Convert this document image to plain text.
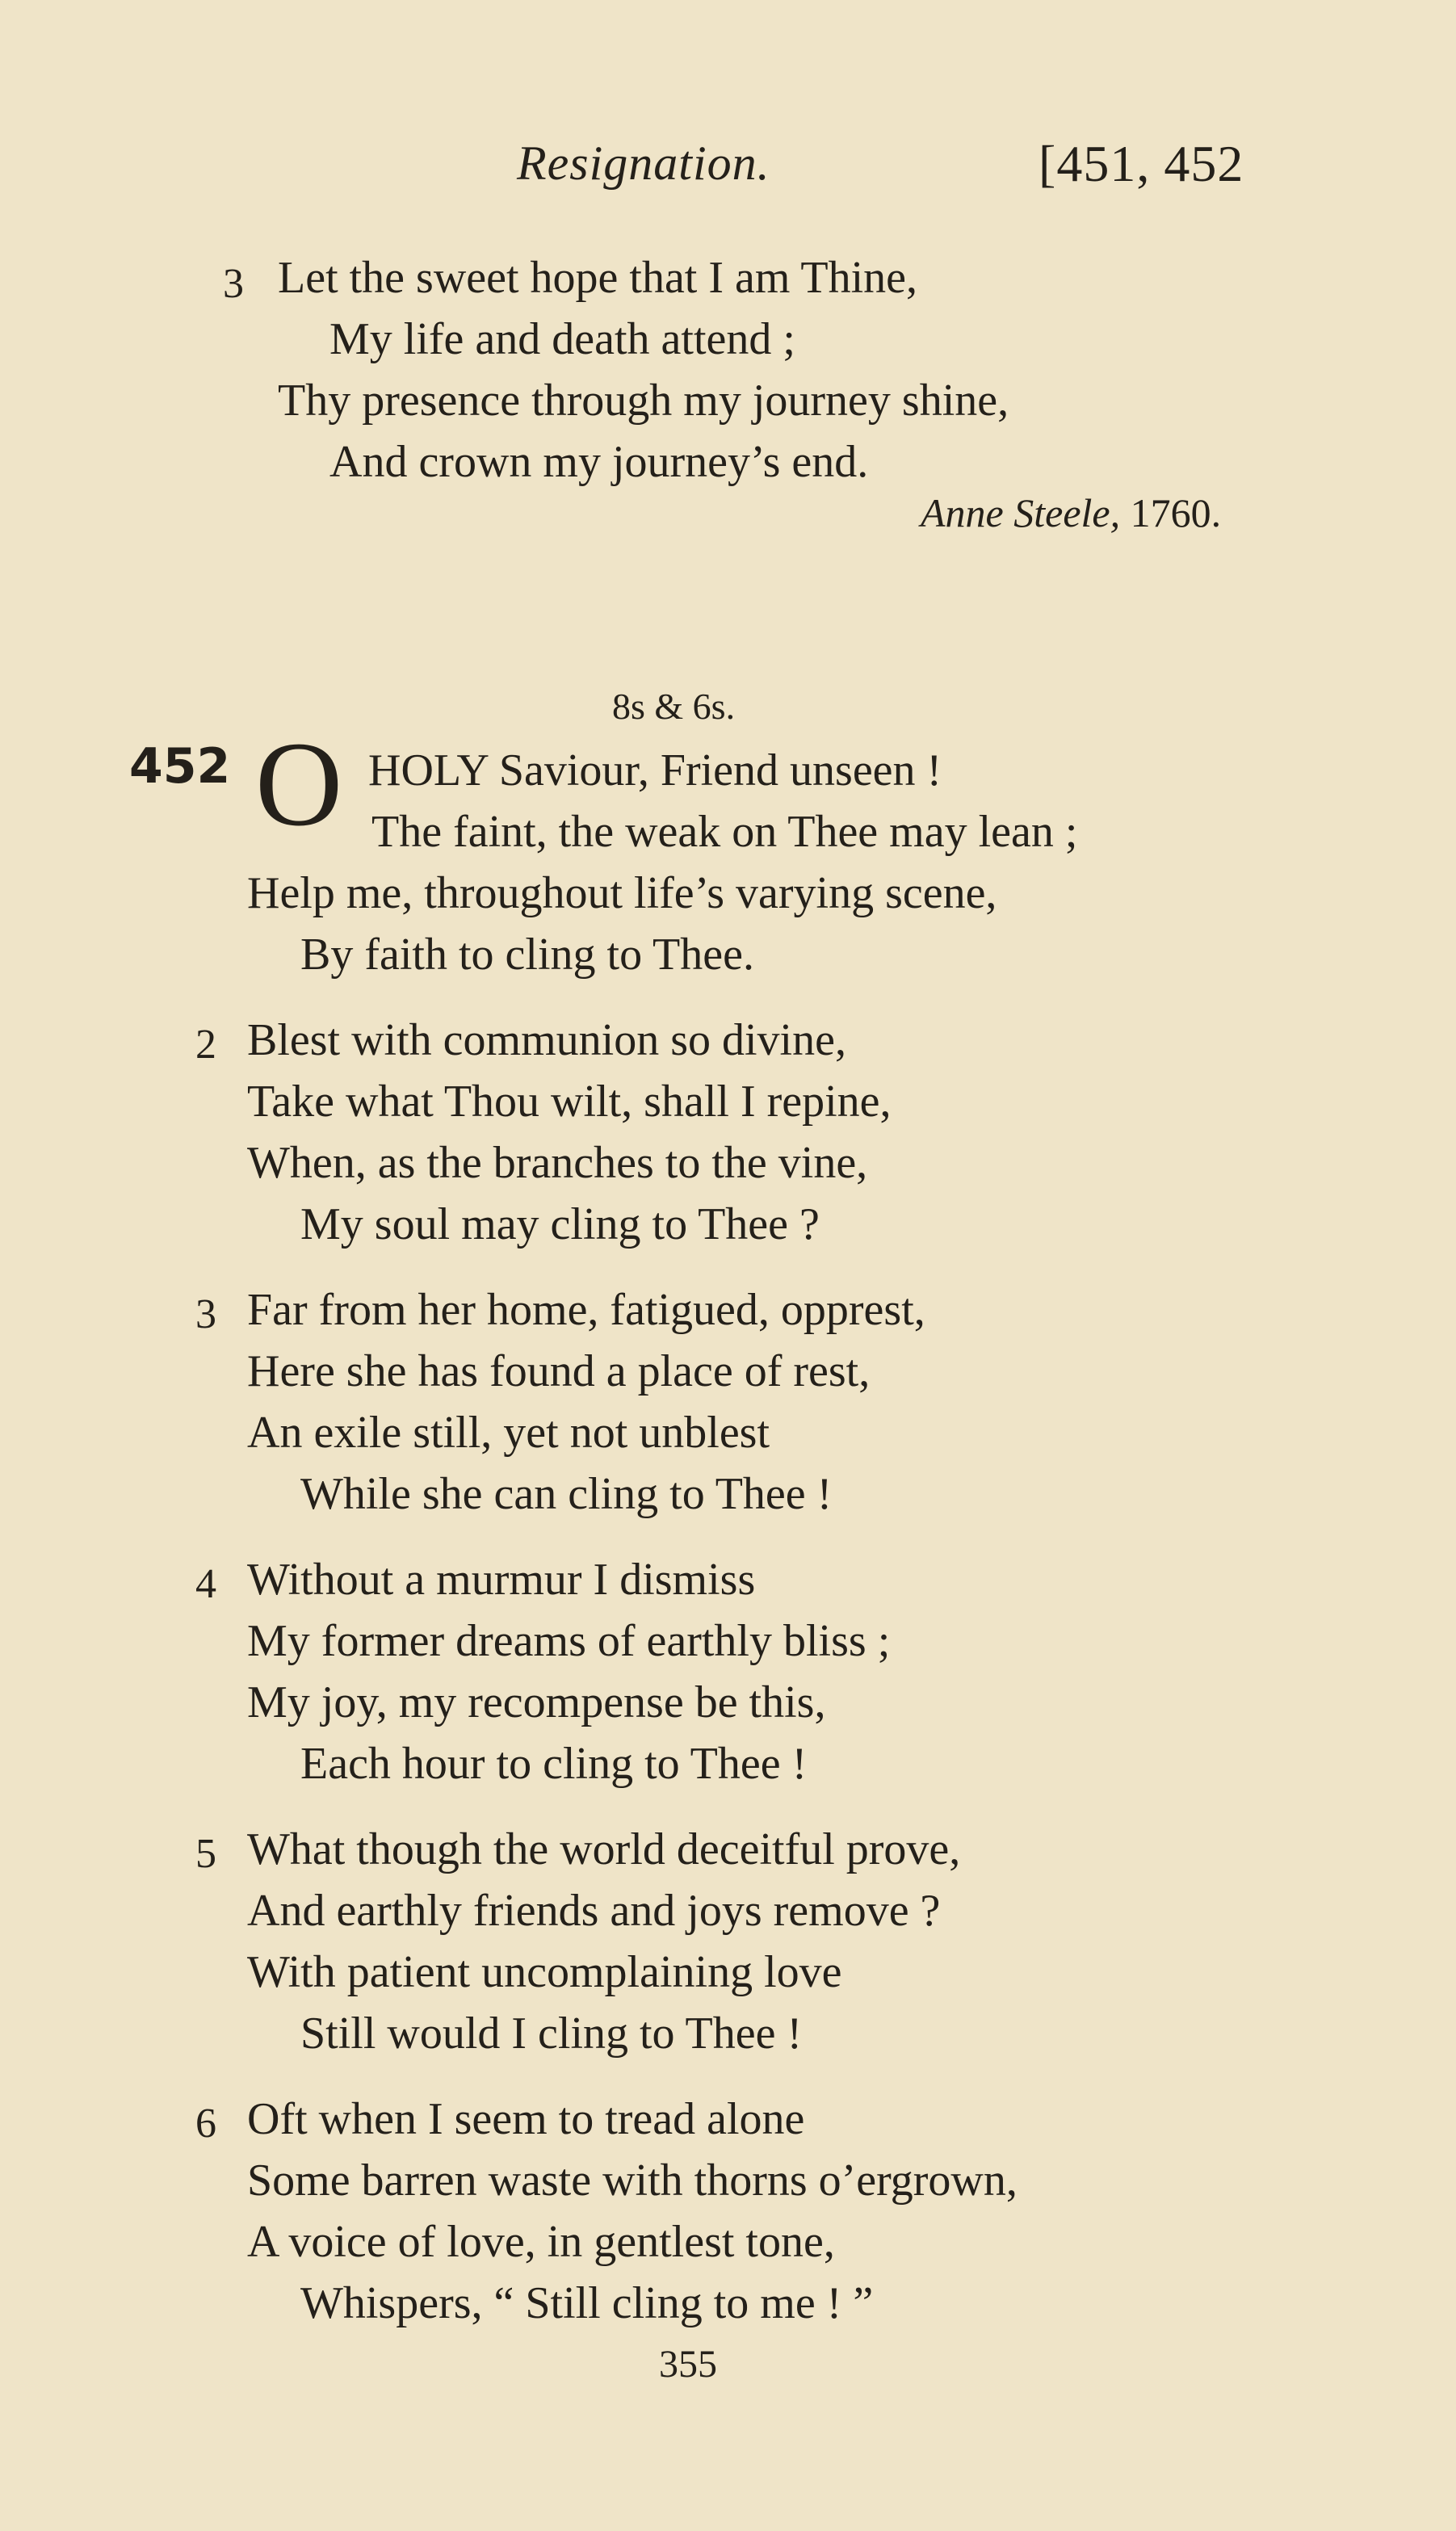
Resignation.	[451, 452
3 Let the sweet hope that I am Thine,
My life and death attend ;
Thy presence through my journey shine,
And crown my journey’s end.
Anne Steele, 1760.
8s & 6s.
452 O HOLY Saviour, Friend unseen !
The faint, the weak on Thee may lean ;
Help me, throughout life’s varying scene,
By faith to cling to Thee.
2 Blest with communion so divine,
Take what Thou wilt, shall I repine,
When, as the branches to the vine,
My soul may cling to Thee ?
3 Far from her home, fatigued, opprest,
Here she has found a place of rest,
An exile still, yet not unblest
While she can cling to Thee !
4 Without a murmur I dismiss
My former dreams of earthly bliss ;
My joy, my recompense be this,
Each hour to cling to Thee !
5 What though the world deceitful prove,
And earthly friends and joys remove ?
With patient uncomplaining love
Still would I cling to Thee !
6 Oft when I seem to tread alone
Some barren waste with thorns o’ergrown,
A voice of love, in gentlest tone,
Whispers, “ Still cling to me ! ”
355
